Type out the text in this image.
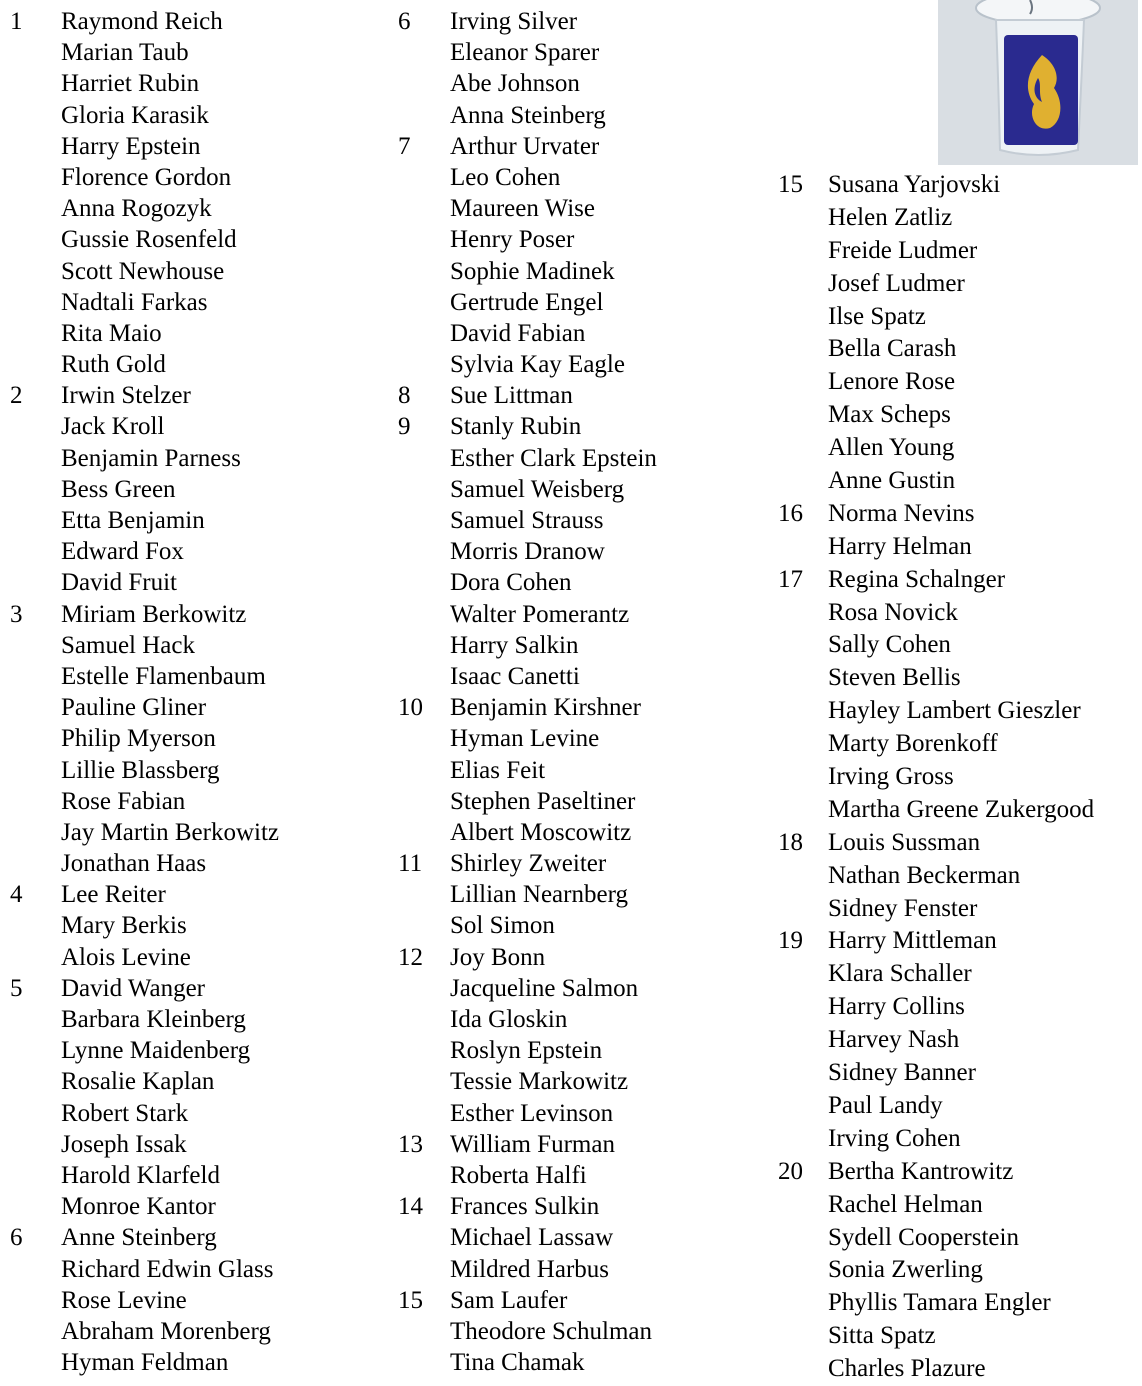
1	Raymond Reich
Marian Taub
Harriet Rubin
Gloria Karasik
Harry Epstein
Florence Gordon
Anna Rogozyk
Gussie Rosenfeld
Scott Newhouse
Nadtali Farkas
Rita Maio
Ruth Gold
2	Irwin Stelzer
Jack Kroll
Benjamin Parness
Bess Green
Etta Benjamin
Edward Fox
David Fruit
3	Miriam Berkowitz
Samuel Hack
Estelle Flamenbaum
Pauline Gliner
Philip Myerson
Lillie Blassberg
Rose Fabian
Jay Martin Berkowitz
Jonathan Haas
4	Lee Reiter
Mary Berkis
Alois Levine
5	David Wanger
Barbara Kleinberg
Lynne Maidenberg
Rosalie Kaplan
Robert Stark
Joseph Issak
Harold Klarfeld
Monroe Kantor
6	Anne Steinberg
Richard Edwin Glass
Rose Levine
Abraham Morenberg
Hyman Feldman
6	Irving Silver
Eleanor Sparer
Abe Johnson
Anna Steinberg
7	Arthur Urvater
Leo Cohen
Maureen Wise
Henry Poser
Sophie Madinek
Gertrude Engel
David Fabian
Sylvia Kay Eagle
8	Sue Littman
9	Stanly Rubin
Esther Clark Epstein
Samuel Weisberg
Samuel Strauss
Morris Dranow
Dora Cohen
Walter Pomerantz
Harry Salkin
Isaac Canetti
10	Benjamin Kirshner
Hyman Levine
Elias Feit
Stephen Paseltiner
Albert Moscowitz
11	Shirley Zweiter
Lillian Nearnberg
Sol Simon
12	Joy Bonn
Jacqueline Salmon
Ida Gloskin
Roslyn Epstein
Tessie Markowitz
Esther Levinson
13	William Furman
Roberta Halfi
14	Frances Sulkin
Michael Lassaw
Mildred Harbus
15	Sam Laufer
Theodore Schulman
Tina Chamak
15	Susana Yarjovski
Helen Zatliz
Freide Ludmer
Josef Ludmer
Ilse Spatz
Bella Carash
Lenore Rose
Max Scheps
Allen Young
Anne Gustin
16	Norma Nevins
Harry Helman
17	Regina Schalnger
Rosa Novick
Sally Cohen
Steven Bellis
Hayley Lambert Gieszler
Marty Borenkoff
Irving Gross
Martha Greene Zukergood
18	Louis Sussman
Nathan Beckerman
Sidney Fenster
19	Harry Mittleman
Klara Schaller
Harry Collins
Harvey Nash
Sidney Banner
Paul Landy
Irving Cohen
20	Bertha Kantrowitz
Rachel Helman
Sydell Cooperstein
Sonia Zwerling
Phyllis Tamara Engler
Sitta Spatz
Charles Plazure
